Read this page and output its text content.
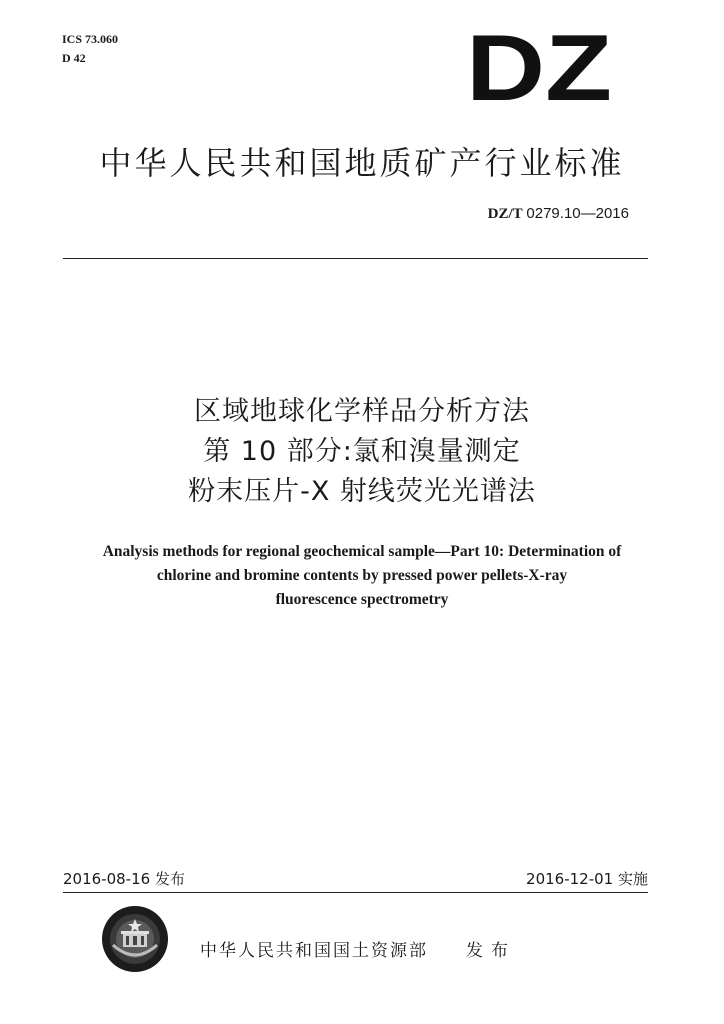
ICS 73.060
D 42	DZ
中华人民共和国地质矿产行业标准
DZ/T 0279.10—2016
区域地球化学样品分析方法
第 10 部分:氯和溴量测定
粉末压片-X 射线荧光光谱法
Analysis methods for regional geochemical sample—Part 10: Determination of
chlorine and bromine contents by pressed power pellets-X-ray
fluorescence spectrometry
2016-08-16 发布	2016-12-01 实施
中华人民共和国国土资源部 发布
